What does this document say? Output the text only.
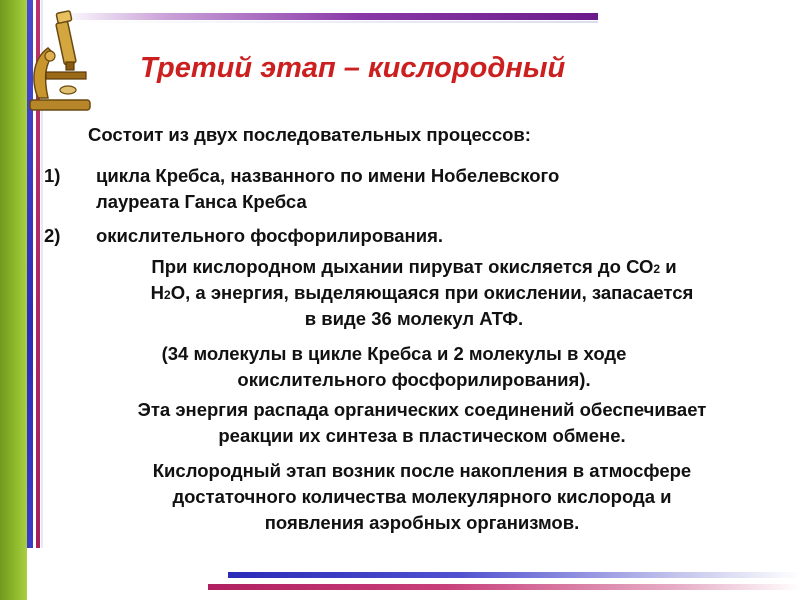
Третий этап – кислородный
Состоит из двух последовательных процессов:
1)	цикла Кребса, названного по имени Нобелевского
лауреата Ганса Кребса
2)	окислительного фосфорилирования.
При кислородном дыхании пируват окисляется до СО2 и
Н2О, а энергия, выделяющаяся при окислении, запасается
в виде 36 молекул АТФ.
(34 молекулы в цикле Кребса и 2 молекулы в ходе
окислительного фосфорилирования).
Эта энергия распада органических соединений обеспечивает
реакции их синтеза в пластическом обмене.
Кислородный этап возник после накопления в атмосфере
достаточного количества молекулярного кислорода и
появления аэробных организмов.
